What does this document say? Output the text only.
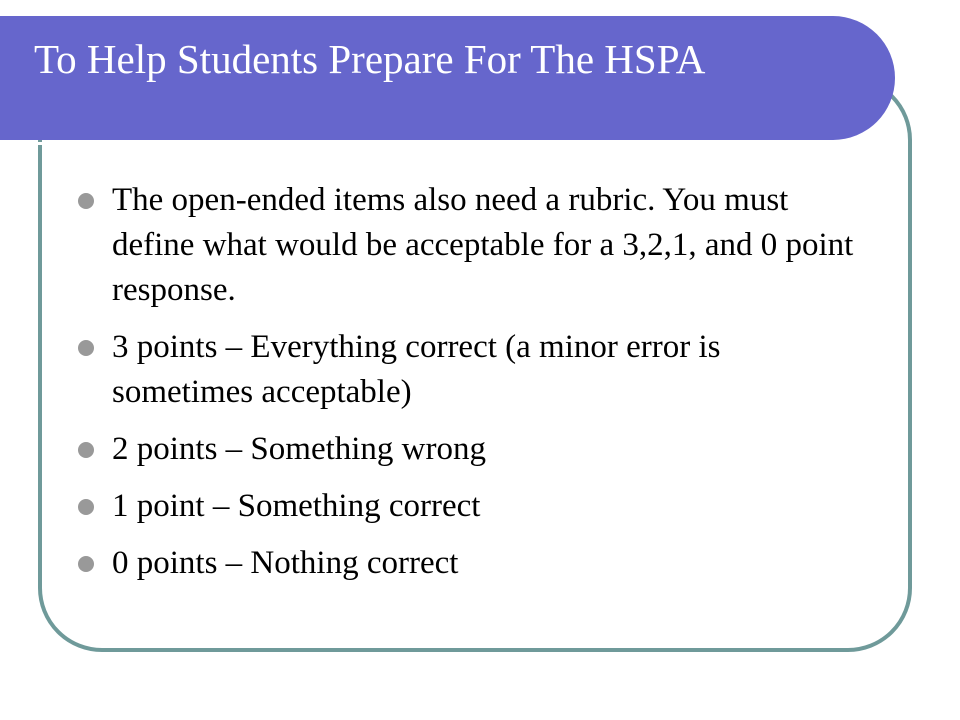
To Help Students Prepare For The HSPA
The open-ended items also need a rubric. You must define what would be acceptable for a 3,2,1, and 0 point response.
3 points – Everything correct (a minor error is sometimes acceptable)
2 points – Something wrong
1 point – Something correct
0 points – Nothing correct
